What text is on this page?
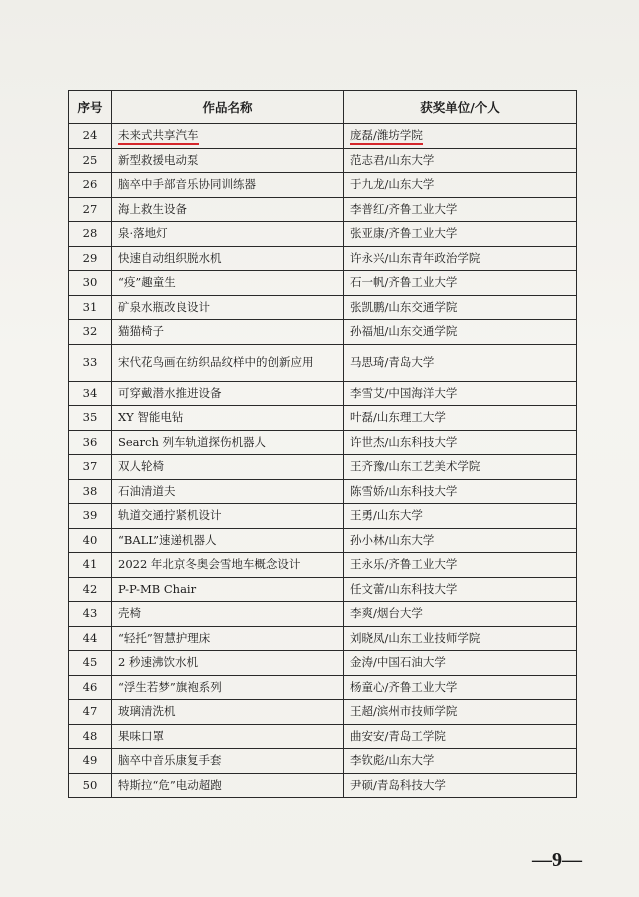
序号	作品名称	获奖单位/个人
24	未来式共享汽车	庞磊/潍坊学院
25	新型救援电动泵	范志君/山东大学
26	脑卒中手部音乐协同训练器	于九龙/山东大学
27	海上救生设备	李普红/齐鲁工业大学
28	泉·落地灯	张亚康/齐鲁工业大学
29	快速自动组织脱水机	许永兴/山东青年政治学院
30	“疫”趣童生	石一帆/齐鲁工业大学
31	矿泉水瓶改良设计	张凯鹏/山东交通学院
32	猫猫椅子	孙福旭/山东交通学院
33	宋代花鸟画在纺织品纹样中的创新应用	马思琦/青岛大学
34	可穿戴潜水推进设备	李雪艾/中国海洋大学
35	XY 智能电钻	叶磊/山东理工大学
36	Search 列车轨道探伤机器人	许世杰/山东科技大学
37	双人轮椅	王齐豫/山东工艺美术学院
38	石油清道夫	陈雪娇/山东科技大学
39	轨道交通拧紧机设计	王勇/山东大学
40	“BALL”速递机器人	孙小林/山东大学
41	2022 年北京冬奥会雪地车概念设计	王永乐/齐鲁工业大学
42	P-P-MB Chair	任文蕾/山东科技大学
43	壳椅	李爽/烟台大学
44	“轻托”智慧护理床	刘晓凤/山东工业技师学院
45	2 秒速沸饮水机	金涛/中国石油大学
46	“浮生若梦”旗袍系列	杨童心/齐鲁工业大学
47	玻璃清洗机	王超/滨州市技师学院
48	果味口罩	曲安安/青岛工学院
49	脑卒中音乐康复手套	李钦彪/山东大学
50	特斯拉“危”电动超跑	尹硕/青岛科技大学
—9—
